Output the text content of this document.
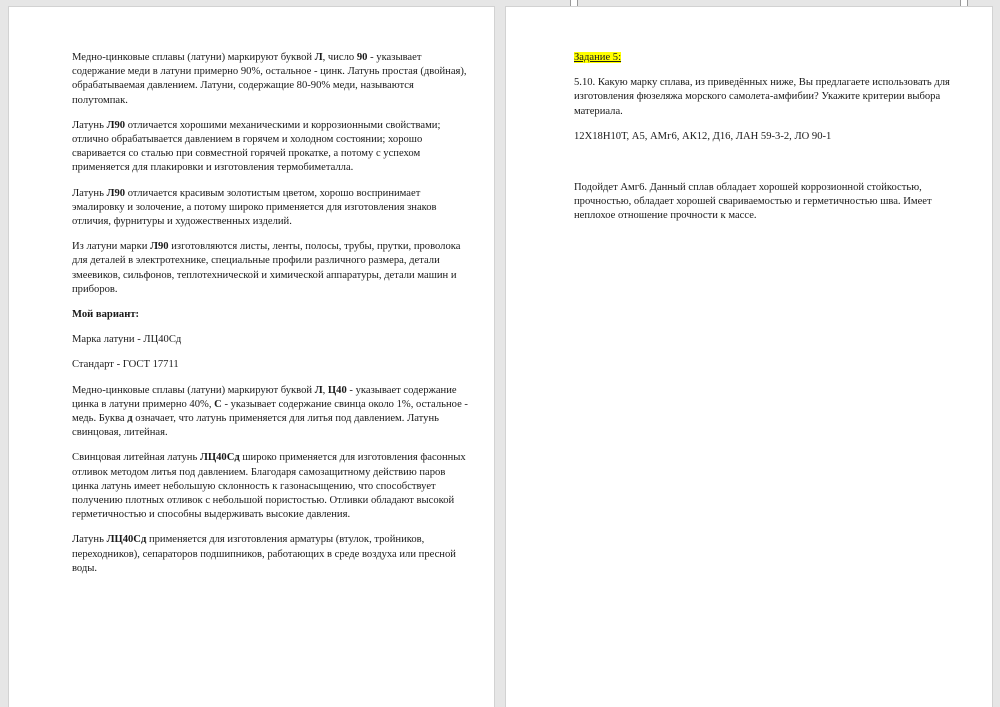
Медно-цинковые сплавы (латуни) маркируют буквой Л, число 90 - указывает содержание меди в латуни примерно 90%, остальное - цинк. Латунь простая (двойная), обрабатываемая давлением. Латуни, содержащие 80-90% меди, называются полутомпак.

Латунь Л90 отличается хорошими механическими и коррозионными свойствами; отлично обрабатывается давлением в горячем и холодном состоянии; хорошо сваривается со сталью при совместной горячей прокатке, а потому с успехом применяется для плакировки и изготовления термобиметалла.

Латунь Л90 отличается красивым золотистым цветом, хорошо воспринимает эмалировку и золочение, а потому широко применяется для изготовления знаков отличия, фурнитуры и художественных изделий.

Из латуни марки Л90 изготовляются листы, ленты, полосы, трубы, прутки, проволока для деталей в электротехнике, специальные профили различного размера, детали змеевиков, сильфонов, теплотехнической и химической аппаратуры, детали машин и приборов.

Мой вариант:

Марка латуни - ЛЦ40Сд

Стандарт - ГОСТ 17711

Медно-цинковые сплавы (латуни) маркируют буквой Л, Ц40 - указывает содержание цинка в латуни примерно 40%, С - указывает содержание свинца около 1%, остальное - медь. Буква д означает, что латунь применяется для литья под давлением. Латунь свинцовая, литейная.

Свинцовая литейная латунь ЛЦ40Сд широко применяется для изготовления фасонных отливок методом литья под давлением. Благодаря самозащитному действию паров цинка латунь имеет небольшую склонность к газонасыщению, что способствует получению плотных отливок с небольшой пористостью. Отливки обладают высокой герметичностью и способны выдерживать высокие давления.

Латунь ЛЦ40Сд применяется для изготовления арматуры (втулок, тройников, переходников), сепараторов подшипников, работающих в среде воздуха или пресной воды.

Задание 5:

5.10. Какую марку сплава, из приведённых ниже, Вы предлагаете использовать для изготовления фюзеляжа морского самолета-амфибии? Укажите критерии выбора материала.

12Х18Н10Т, А5, АМг6, АК12, Д16, ЛАН 59-3-2, ЛО 90-1

Подойдет Амг6. Данный сплав обладает хорошей коррозионной стойкостью, прочностью, обладает хорошей свариваемостью и герметичностью шва. Имеет неплохое отношение прочности к массе.
